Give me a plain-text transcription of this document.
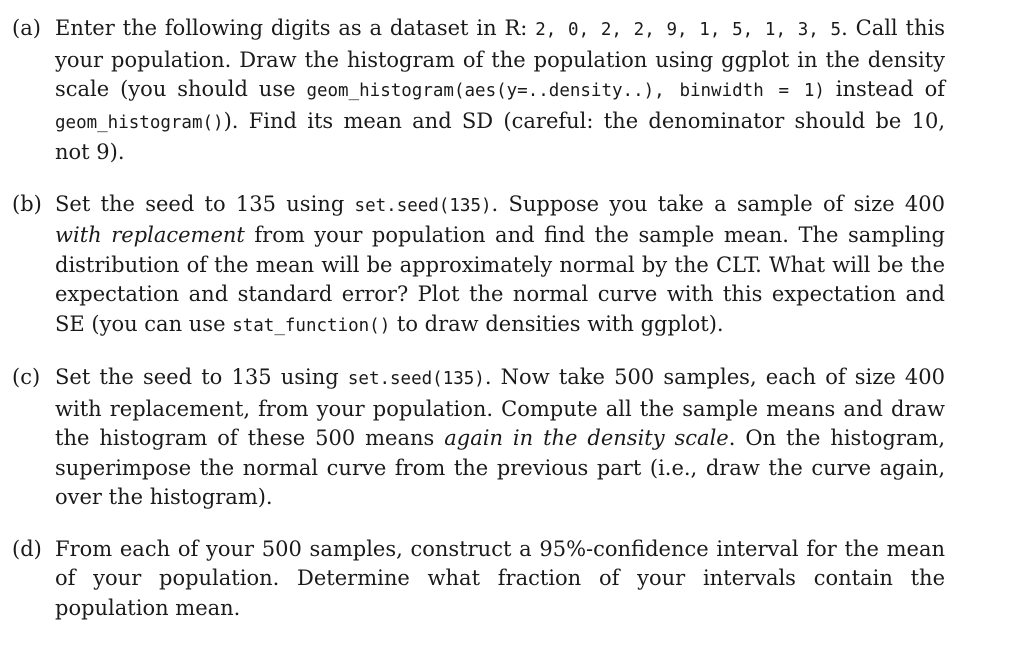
(a) Enter the following digits as a dataset in R: 2, 0, 2, 2, 9, 1, 5, 1, 3, 5. Call this your population. Draw the histogram of the population using ggplot in the density scale (you should use geom_histogram(aes(y=..density..), binwidth = 1) instead of geom_histogram()). Find its mean and SD (careful: the denominator should be 10, not 9).
(b) Set the seed to 135 using set.seed(135). Suppose you take a sample of size 400 with replacement from your population and find the sample mean. The sampling distribution of the mean will be approximately normal by the CLT. What will be the expectation and standard error? Plot the normal curve with this expectation and SE (you can use stat_function() to draw densities with ggplot).
(c) Set the seed to 135 using set.seed(135). Now take 500 samples, each of size 400 with replacement, from your population. Compute all the sample means and draw the histogram of these 500 means again in the density scale. On the histogram, superimpose the normal curve from the previous part (i.e., draw the curve again, over the histogram).
(d) From each of your 500 samples, construct a 95%-confidence interval for the mean of your population. Determine what fraction of your intervals contain the population mean.
